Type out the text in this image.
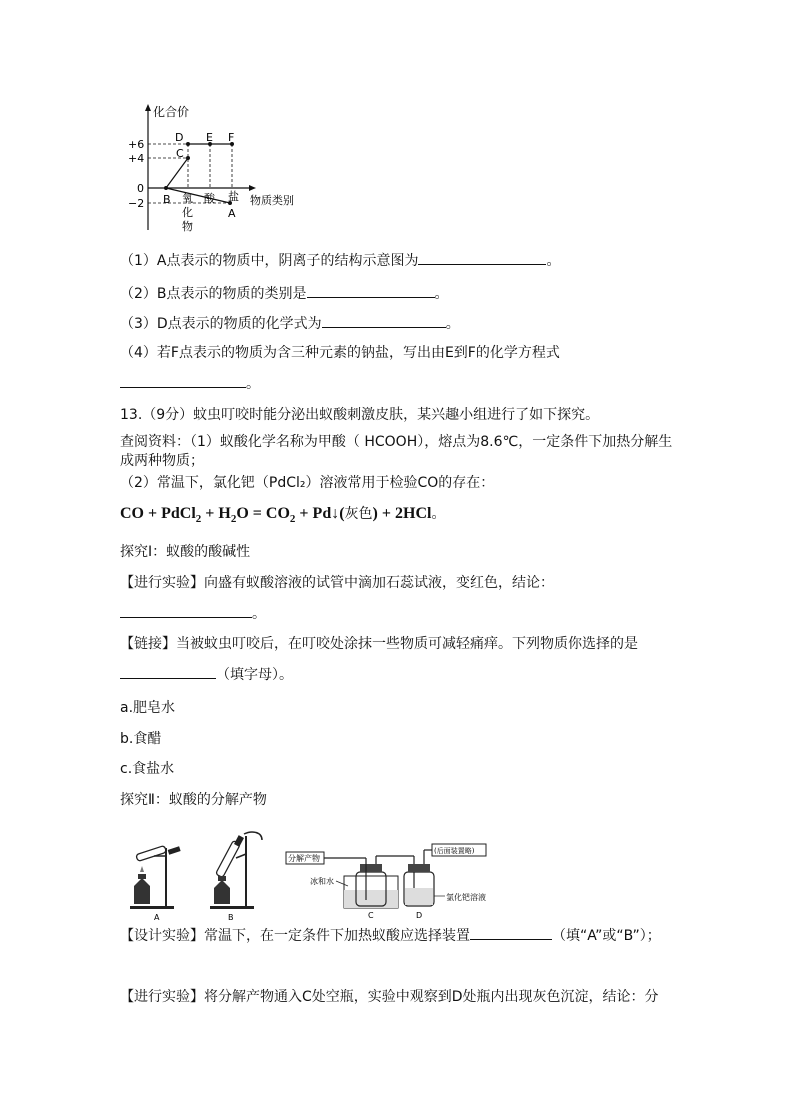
化合价
+6
+4
0
−2
D E F
C
B
A
氧
化
物
酸 盐 物质类别
（1）A点表示的物质中，阴离子的结构示意图为	。
（2）B点表示的物质的类别是	。
（3）D点表示的物质的化学式为	。
（4）若F点表示的物质为含三种元素的钠盐，写出由E到F的化学方程式
。
13.（9分）蚊虫叮咬时能分泌出蚁酸刺激皮肤，某兴趣小组进行了如下探究。
查阅资料：（1）蚁酸化学名称为甲酸（ HCOOH），熔点为8.6℃，一定条件下加热分解生
成两种物质；
（2）常温下，氯化钯（PdCl₂）溶液常用于检验CO的存在：
CO + PdCl$_2$ + $H_2O = CO_2$ + Pd↓(灰色) + 2HCl。
探究Ⅰ：蚁酸的酸碱性
【进行实验】向盛有蚁酸溶液的试管中滴加石蕊试液，变红色，结论：
。
【链接】当被蚊虫叮咬后，在叮咬处涂抹一些物质可减轻痛痒。下列物质你选择的是
（填字母）。
a.肥皂水
b.食醋
c.食盐水
探究Ⅱ：蚁酸的分解产物
A	B
分解产物
C
冰和水
D
(后面装置略)
氯化钯溶液
【设计实验】常温下，在一定条件下加热蚁酸应选择装置	（填“A”或“B”）；
【进行实验】将分解产物通入C处空瓶，实验中观察到D处瓶内出现灰色沉淀，结论：分
